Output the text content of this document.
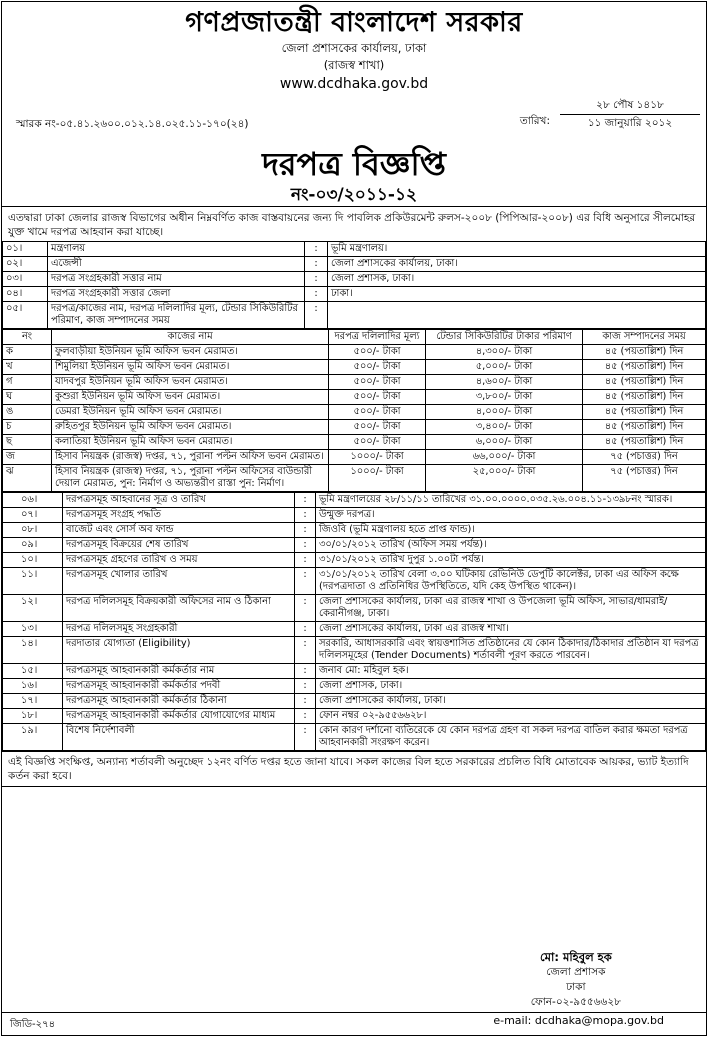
গণপ্রজাতন্ত্রী বাংলাদেশ সরকার
জেলা প্রশাসকের কার্যালয়, ঢাকা
(রাজস্ব শাখা)
www.dcdhaka.gov.bd
স্মারক নং-০৫.৪১.২৬০০.০১২.১৪.০২৫.১১-১৭০(২৪)	তারিখ:
২৮ পৌষ ১৪১৮
১১ জানুয়ারি ২০১২
দরপত্র বিজ্ঞপ্তি
নং-০৩/২০১১-১২
এতদ্বারা ঢাকা জেলার রাজস্ব বিভাগের অধীন নিম্নবর্ণিত কাজ বাস্তবায়নের জন্য দি পাবলিক প্রকিউরমেন্ট রুলস-২০০৮ (পিপিআর-২০০৮) এর বিধি অনুসারে সীলমোহর যুক্ত খামে দরপত্র আহবান করা যাচ্ছে।
০১।	মন্ত্রণালয়	:	ভূমি মন্ত্রণালয়।
০২।	এজেন্সী	:	জেলা প্রশাসকের কার্যালয়, ঢাকা।
০৩।	দরপত্র সংগ্রহকারী সত্তার নাম	:	জেলা প্রশাসক, ঢাকা।
০৪।	দরপত্র সংগ্রহকারী সত্তার জেলা	:	ঢাকা।
০৫।	দরপত্র/কাজের নাম, দরপত্র দলিলাদির মূল্য, টেন্ডার সিকিউরিটির পরিমাণ, কাজ সম্পাদনের সময়	:	
নং	কাজের নাম	দরপত্র দলিলাদির মূল্য	টেন্ডার সিকিউরিটির টাকার পরিমাণ	কাজ সম্পাদনের সময়
ক	ফুলবাড়ীয়া ইউনিয়ন ভূমি অফিস ভবন মেরামত।	৫০০/- টাকা	৪,৩০০/- টাকা	৪৫ (পয়তাল্লিশ) দিন
খ	শিমুলিয়া ইউনিয়ন ভূমি অফিস ভবন মেরামত।	৫০০/- টাকা	৫,০০০/- টাকা	৪৫ (পয়তাল্লিশ) দিন
গ	যাদবপুর ইউনিয়ন ভূমি অফিস ভবন মেরামত।	৫০০/- টাকা	৪,৬০০/- টাকা	৪৫ (পয়তাল্লিশ) দিন
ঘ	কুশুরা ইউনিয়ন ভূমি অফিস ভবন মেরামত।	৫০০/- টাকা	৩,৮০০/- টাকা	৪৫ (পয়তাল্লিশ) দিন
ঙ	ডেমরা ইউনিয়ন ভূমি অফিস ভবন মেরামত।	৫০০/- টাকা	৪,০০০/- টাকা	৪৫ (পয়তাল্লিশ) দিন
চ	রুহিতপুর ইউনিয়ন ভূমি অফিস ভবন মেরামত।	৫০০/- টাকা	৩,৪০০/- টাকা	৪৫ (পয়তাল্লিশ) দিন
ছ	কলাতিয়া ইউনিয়ন ভূমি অফিস ভবন মেরামত।	৫০০/- টাকা	৬,০০০/- টাকা	৪৫ (পয়তাল্লিশ) দিন
জ	হিসাব নিয়ন্ত্রক (রাজস্ব) দপ্তর, ৭১, পুরানা পল্টন অফিস ভবন মেরামত।	১০০০/- টাকা	৬৬,০০০/- টাকা	৭৫ (পচাত্তর) দিন
ঝ	হিসাব নিয়ন্ত্রক (রাজস্ব) দপ্তর, ৭১, পুরানা পল্টন অফিসের বাউন্ডারী দেয়াল মেরামত, পুন: নির্মাণ ও অভ্যন্তরীণ রাস্তা পুন: নির্মাণ।	১০০০/- টাকা	২৫,০০০/- টাকা	৭৫ (পচাত্তর) দিন
০৬।	দরপত্রসমূহ আহবানের সূত্র ও তারিখ	:	ভূমি মন্ত্রণালয়ের ২৮/১১/১১ তারিখের ৩১.০০.০০০০.০৩৫.২৬.০০৪.১১-১৩৯৮নং স্মারক।
০৭।	দরপত্রসমূহ সংগ্রহ পদ্ধতি	:	উন্মুক্ত দরপত্র।
০৮।	বাজেট এবং সোর্স অব ফান্ড	:	জিওবি (ভূমি মন্ত্রণালয় হতে প্রাপ্ত ফান্ড)।
০৯।	দরপত্রসমূহ বিক্রয়ের শেষ তারিখ	:	৩০/০১/২০১২ তারিখ (অফিস সময় পর্যন্ত)।
১০।	দরপত্রসমূহ গ্রহণের তারিখ ও সময়	:	৩১/০১/২০১২ তারিখ দুপুর ১.০০টা পর্যন্ত।
১১।	দরপত্রসমূহ খোলার তারিখ	:	৩১/০১/২০১২ তারিখ বেলা ৩.০০ ঘটিকায় রেভিনিউ ডেপুটি কালেক্টর, ঢাকা এর অফিস কক্ষে (দরপত্রদাতা ও প্রতিনিধির উপস্থিতিতে, যদি কেহ উপস্থিত থাকেন)।
১২।	দরপত্র দলিলসমূহ বিক্রয়কারী অফিসের নাম ও ঠিকানা	:	জেলা প্রশাসকের কার্যালয়, ঢাকা এর রাজস্ব শাখা ও উপজেলা ভূমি অফিস, সাভার/ধামরাই/কেরানীগঞ্জ, ঢাকা।
১৩।	দরপত্র দলিলসমূহ সংগ্রহকারী	:	জেলা প্রশাসকের কার্যালয়, ঢাকা এর রাজস্ব শাখা।
১৪।	দরদাতার যোগ্যতা (Eligibility)	:	সরকারি, আধাসরকারি এবং স্বায়ত্তশাসিত প্রতিষ্ঠানের যে কোন ঠিকাদার/ঠিকাদার প্রতিষ্ঠান যা দরপত্র দলিলসমূহের (Tender Documents) শর্তাবলী পূরণ করতে পারবেন।
১৫।	দরপত্রসমূহ আহবানকারী কর্মকর্তার নাম	:	জনাব মো: মহিবুল হক।
১৬।	দরপত্রসমূহ আহবানকারী কর্মকর্তার পদবী	:	জেলা প্রশাসক, ঢাকা।
১৭।	দরপত্রসমূহ আহবানকারী কর্মকর্তার ঠিকানা	:	জেলা প্রশাসকের কার্যালয়, ঢাকা।
১৮।	দরপত্রসমূহ আহবানকারী কর্মকর্তার যোগাযোগের মাধ্যম	:	ফোন নম্বর ০২-৯৫৫৬৬২৮।
১৯।	বিশেষ নির্দেশাবলী	:	কোন কারণ দর্শানো ব্যতিরেকে যে কোন দরপত্র গ্রহণ বা সকল দরপত্র বাতিল করার ক্ষমতা দরপত্র আহবানকারী সংরক্ষণ করেন।
এই বিজ্ঞপ্তি সংক্ষিপ্ত, অন্যান্য শর্তাবলী অনুচ্ছেদ ১২নং বর্ণিত দপ্তর হতে জানা যাবে। সকল কাজের বিল হতে সরকারের প্রচলিত বিধি মোতাবেক আয়কর, ভ্যাট ইত্যাদি কর্তন করা হবে।
মো: মহিবুল হক
জেলা প্রশাসক
ঢাকা
ফোন-০২-৯৫৫৬৬২৮
জিডি-২৭৪	e-mail: dcdhaka@mopa.gov.bd
